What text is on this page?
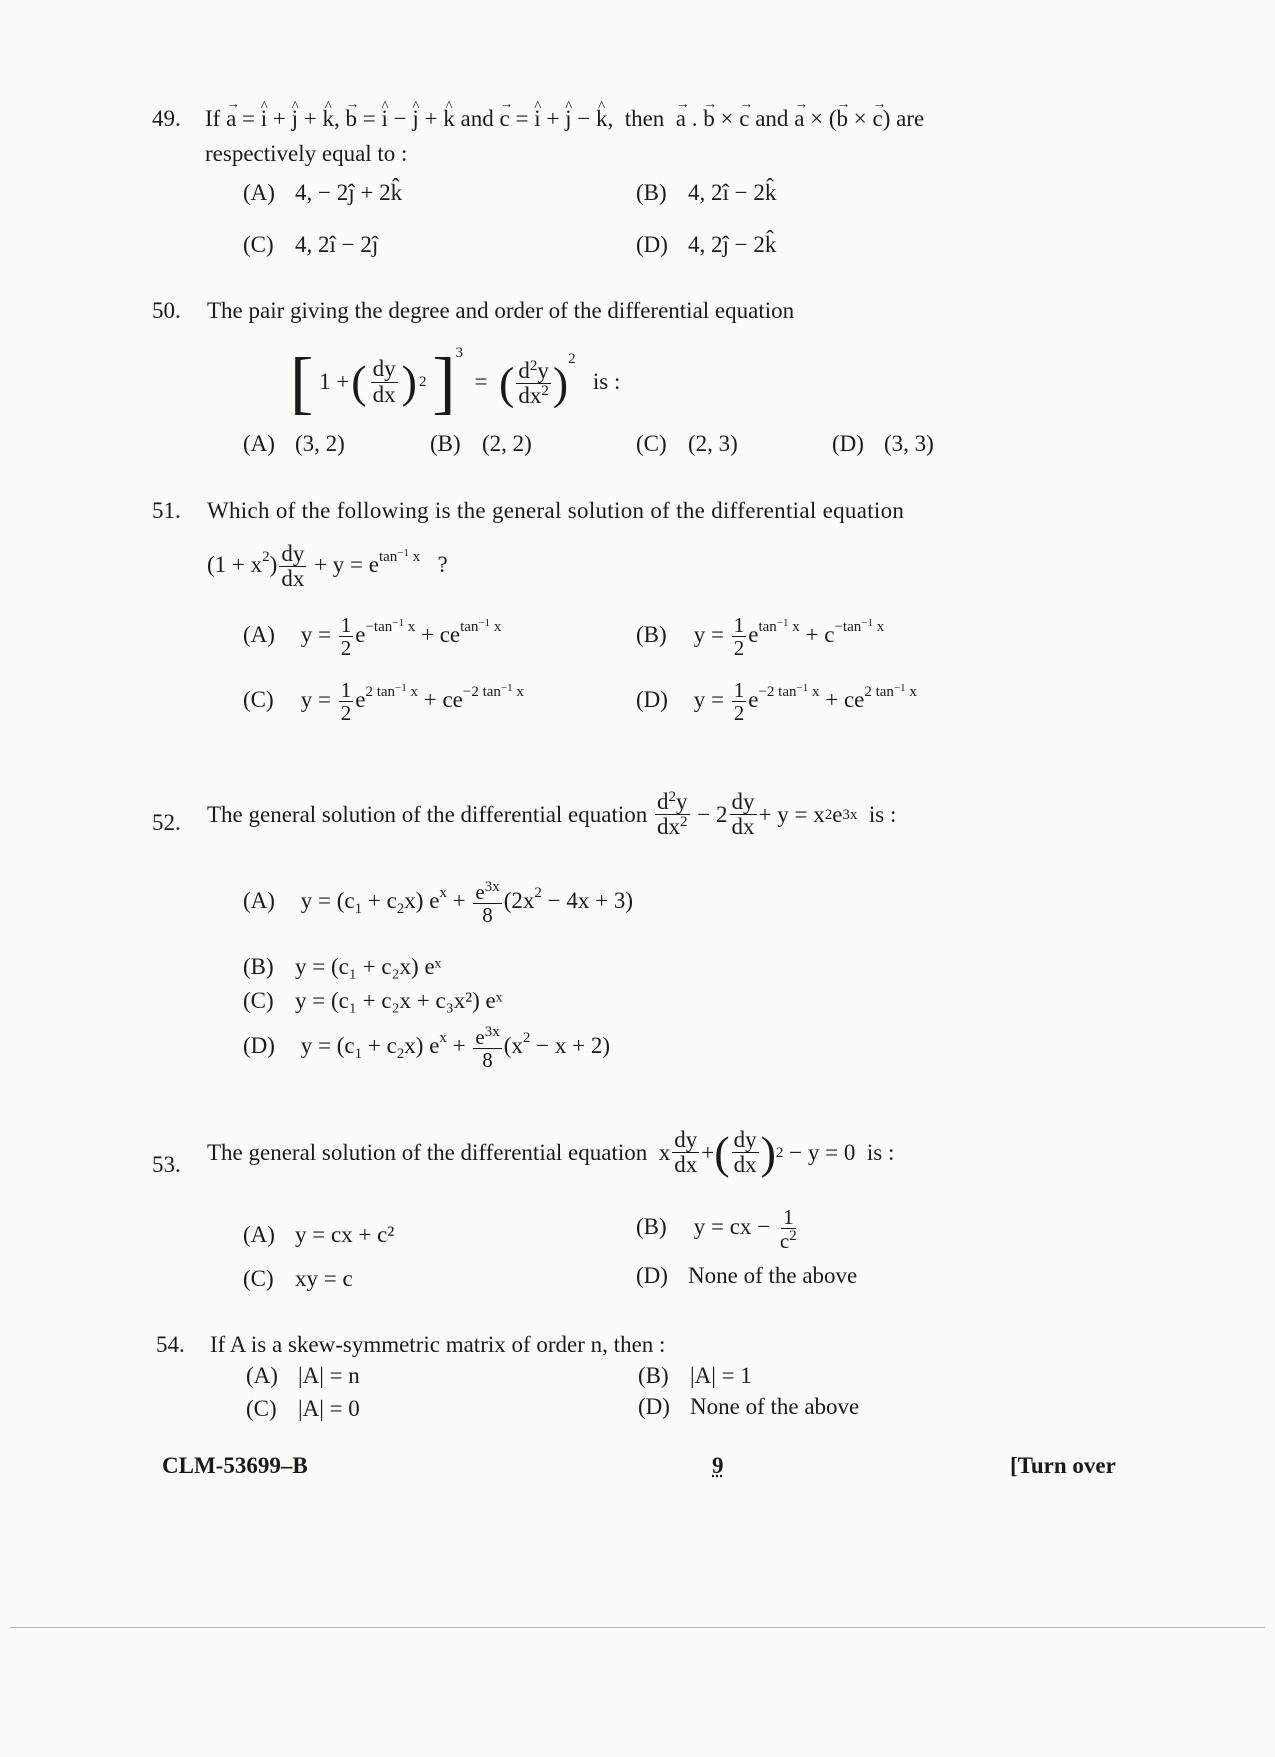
49.	If → a = ^ i + ^ j + ^ k, → b = ^ i − ^ j + ^ k and → c = ^ i + ^ j − ^ k,  then → a . → b × → c and → a × (→ b × → c) are
respectively equal to :
(A) 4, − 2ĵ + 2k̂	(B) 4, 2î − 2k̂
(C) 4, 2î − 2ĵ	(D) 4, 2ĵ − 2k̂
50.	The pair giving the degree and order of the differential equation
[ 1 + ( $\frac{dy}{dx}$ ) 2 ]$^3$  =  ( $\frac{d^2y}{dx^2} )^2$   is :
(A) (3, 2)	(B) (2, 2)	(C) (2, 3)	(D) (3, 3)
51.	Which of the following is the general solution of the differential equation
$(1 + x^2) \frac{dy}{dx} + y = e^{tan^{-1} x}$ ?
(A) $y = \frac{1}{2} e^{-tan^{-1} x} + ce^{tan^{-1} x}$	(B) $y = \frac{1}{2} e^{tan^{-1} x} + c^{-tan^{-1} x}$
(C) $y = \frac{1}{2} e^{2 tan^{-1} x} + ce^{-2 tan^{-1} x}$	(D) $y = \frac{1}{2} e^{-2 tan^{-1} x} + ce^{2 tan^{-1} x}$
52.	The general solution of the differential equation
$\frac{d^2y}{dx^2} - 2 \frac{dy}{dx} + y = x$ 2 e 3x
is :
(A) $y = (c_1 + c_2x) e^x + \frac{e^{3x}}{8} (2x^2 - 4x + 3)$
(B) y = (c₁ + c₂x) eˣ
(C) y = (c₁ + c₂x + c₃x²) eˣ
(D) $y = (c_1 + c_2x) e^x + \frac{e^{3x}}{8} (x^2 - x + 2)$
53.	The general solution of the differential equation x $\frac{dy}{dx}$ + ( $\frac{dy}{dx}$ ) 2 − y = 0 is :
(A) y = cx + c²	(B) y = cx − $\frac{1}{c^2}$
(C) xy = c	(D) None of the above
54.	If A is a skew-symmetric matrix of order n, then :
(A) |A| = n	(B) |A| = 1
(C) |A| = 0	(D) None of the above
CLM-53699–B	9	[Turn over
